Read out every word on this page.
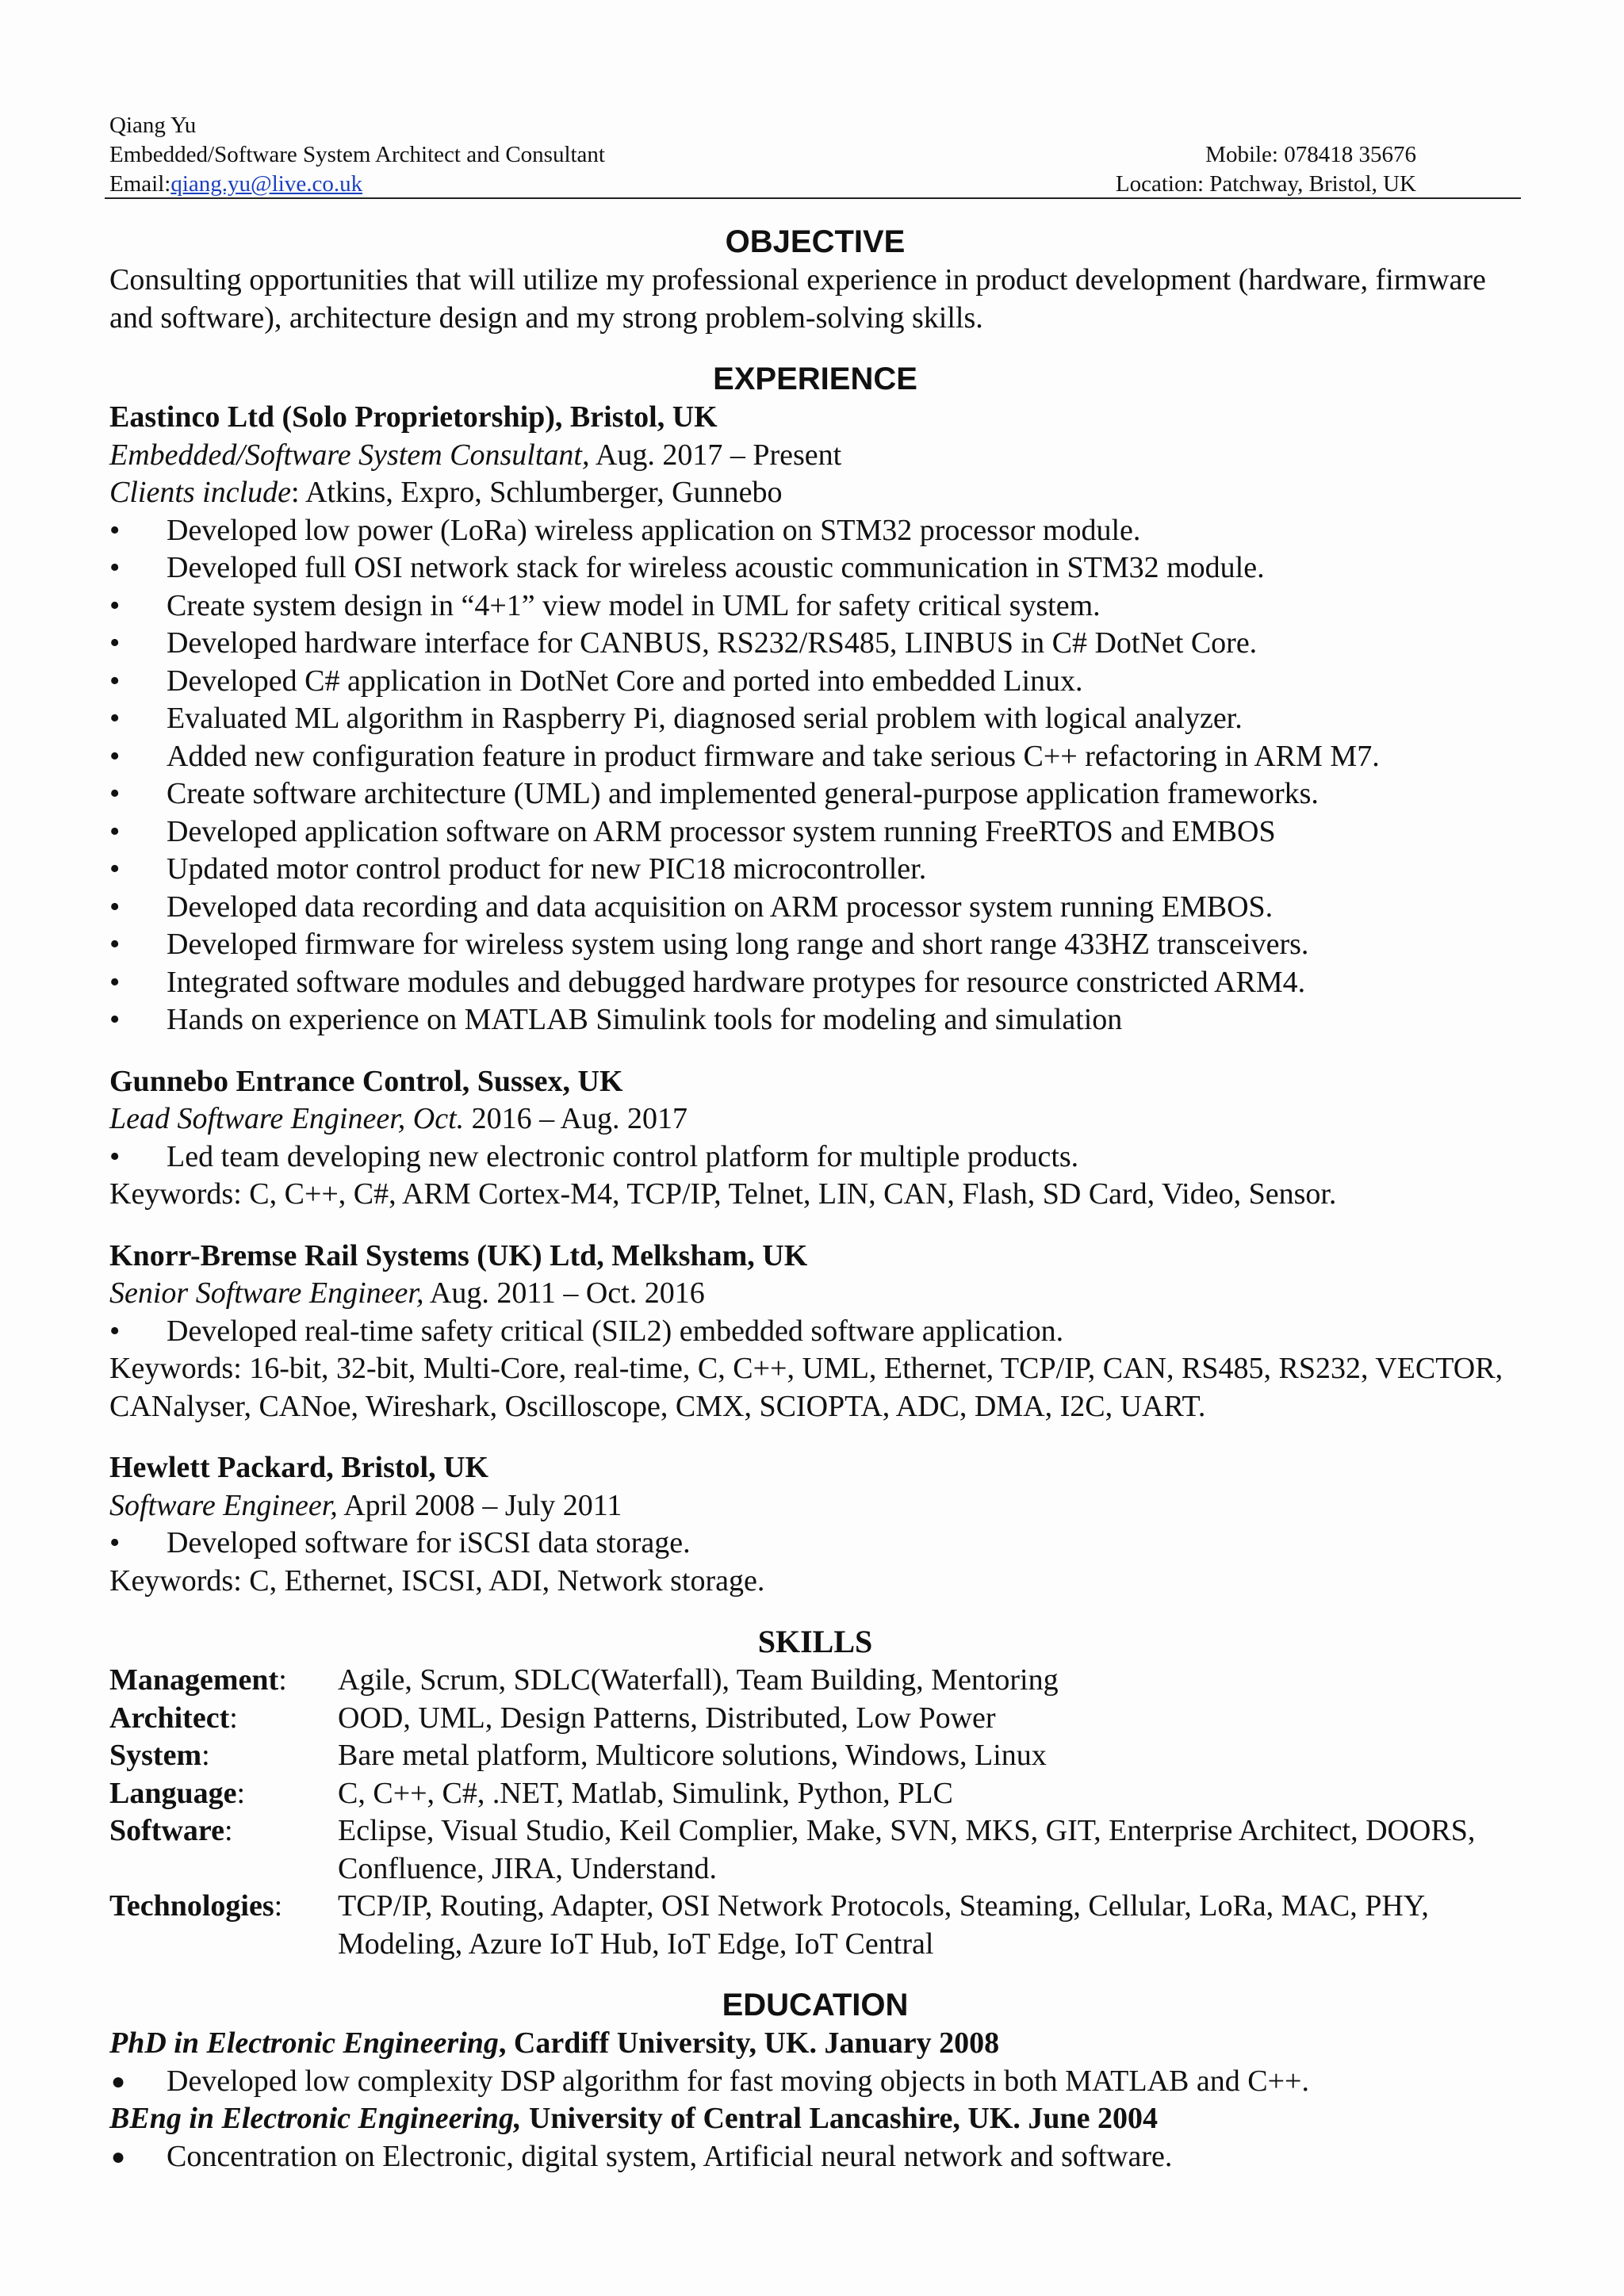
Qiang Yu
Embedded/Software System Architect and Consultant
Email:qiang.yu@live.co.uk
Mobile: 078418 35676
Location: Patchway, Bristol, UK

OBJECTIVE

Consulting opportunities that will utilize my professional experience in product development (hardware, firmware and software), architecture design and my strong problem-solving skills.

EXPERIENCE

Eastinco Ltd (Solo Proprietorship), Bristol, UK

Embedded/Software System Consultant, Aug. 2017 – Present

Clients include: Atkins, Expro, Schlumberger, Gunnebo

• Developed low power (LoRa) wireless application on STM32 processor module.
• Developed full OSI network stack for wireless acoustic communication in STM32 module.
• Create system design in “4+1” view model in UML for safety critical system.
• Developed hardware interface for CANBUS, RS232/RS485, LINBUS in C# DotNet Core.
• Developed C# application in DotNet Core and ported into embedded Linux.
• Evaluated ML algorithm in Raspberry Pi, diagnosed serial problem with logical analyzer.
• Added new configuration feature in product firmware and take serious C++ refactoring in ARM M7.
• Create software architecture (UML) and implemented general-purpose application frameworks.
• Developed application software on ARM processor system running FreeRTOS and EMBOS
• Updated motor control product for new PIC18 microcontroller.
• Developed data recording and data acquisition on ARM processor system running EMBOS.
• Developed firmware for wireless system using long range and short range 433HZ transceivers.
• Integrated software modules and debugged hardware protypes for resource constricted ARM4.
• Hands on experience on MATLAB Simulink tools for modeling and simulation

Gunnebo Entrance Control, Sussex, UK

Lead Software Engineer, Oct. 2016 – Aug. 2017

• Led team developing new electronic control platform for multiple products.

Keywords: C, C++, C#, ARM Cortex-M4, TCP/IP, Telnet, LIN, CAN, Flash, SD Card, Video, Sensor.

Knorr-Bremse Rail Systems (UK) Ltd, Melksham, UK

Senior Software Engineer, Aug. 2011 – Oct. 2016

• Developed real-time safety critical (SIL2) embedded software application.

Keywords: 16-bit, 32-bit, Multi-Core, real-time, C, C++, UML, Ethernet, TCP/IP, CAN, RS485, RS232, VECTOR, CANalyser, CANoe, Wireshark, Oscilloscope, CMX, SCIOPTA, ADC, DMA, I2C, UART.

Hewlett Packard, Bristol, UK

Software Engineer, April 2008 – July 2011

• Developed software for iSCSI data storage.

Keywords: C, Ethernet, ISCSI, ADI, Network storage.

SKILLS

Management:	Agile, Scrum, SDLC(Waterfall), Team Building, Mentoring
Architect:	OOD, UML, Design Patterns, Distributed, Low Power
System:	Bare metal platform, Multicore solutions, Windows, Linux
Language:	C, C++, C#, .NET, Matlab, Simulink, Python, PLC
Software:	Eclipse, Visual Studio, Keil Complier, Make, SVN, MKS, GIT, Enterprise Architect, DOORS, Confluence, JIRA, Understand.
Technologies:	TCP/IP, Routing, Adapter, OSI Network Protocols, Steaming, Cellular, LoRa, MAC, PHY, Modeling, Azure IoT Hub, IoT Edge, IoT Central

EDUCATION

PhD in Electronic Engineering, Cardiff University, UK. January 2008

● Developed low complexity DSP algorithm for fast moving objects in both MATLAB and C++.

BEng in Electronic Engineering, University of Central Lancashire, UK. June 2004

● Concentration on Electronic, digital system, Artificial neural network and software.
